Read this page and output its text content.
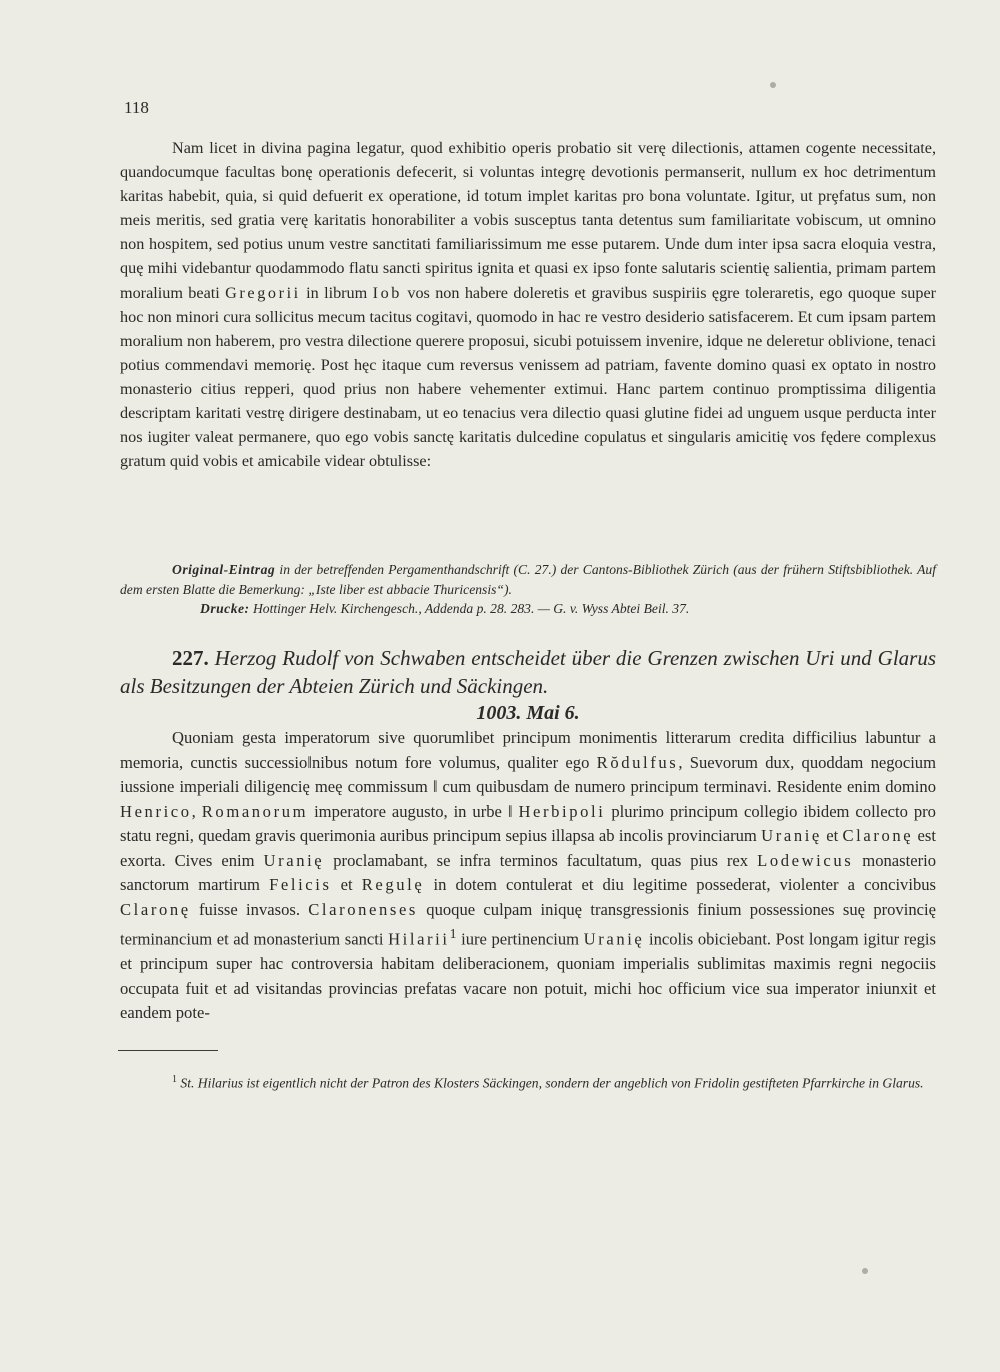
118
Nam licet in divina pagina legatur, quod exhibitio operis probatio sit verę dilectionis, attamen cogente necessitate, quandocumque facultas bonę operationis defecerit, si voluntas integrę devotionis permanserit, nullum ex hoc detrimentum karitas habebit, quia, si quid defuerit ex operatione, id totum implet karitas pro bona voluntate. Igitur, ut prȩfatus sum, non meis meritis, sed gratia verę karitatis honorabiliter a vobis susceptus tanta detentus sum familiaritate vobiscum, ut omnino non hospitem, sed potius unum vestre sanctitati familiarissimum me esse putarem. Unde dum inter ipsa sacra eloquia vestra, quę mihi videbantur quodammodo flatu sancti spiritus ignita et quasi ex ipso fonte salutaris scientię salientia, primam partem moralium beati Gregorii in librum Iob vos non habere doleretis et gravibus suspiriis ęgre toleraretis, ego quoque super hoc non minori cura sollicitus mecum tacitus cogitavi, quomodo in hac re vestro desiderio satisfacerem. Et cum ipsam partem moralium non haberem, pro vestra dilectione querere proposui, sicubi potuissem invenire, idque ne deleretur oblivione, tenaci potius commendavi memorię. Post hęc itaque cum reversus venissem ad patriam, favente domino quasi ex optato in nostro monasterio citius repperi, quod prius non habere vehementer extimui. Hanc partem continuo promptissima diligentia descriptam karitati vestrę dirigere destinabam, ut eo tenacius vera dilectio quasi glutine fidei ad unguem usque perducta inter nos iugiter valeat permanere, quo ego vobis sanctę karitatis dulcedine copulatus et singularis amicitię vos fędere complexus gratum quid vobis et amicabile videar obtulisse:

Original-Eintrag in der betreffenden Pergamenthandschrift (C. 27.) der Cantons-Bibliothek Zürich (aus der frühern Stiftsbibliothek. Auf dem ersten Blatte die Bemerkung: „Iste liber est abbacie Thuricensis“).

Drucke: Hottinger Helv. Kirchengesch., Addenda p. 28. 283. — G. v. Wyss Abtei Beil. 37.

227. Herzog Rudolf von Schwaben entscheidet über die Grenzen zwischen Uri und Glarus als Besitzungen der Abteien Zürich und Säckingen.
1003. Mai 6.
Quoniam gesta imperatorum sive quorumlibet principum monimentis litterarum credita difficilius labuntur a memoria, cunctis successio‖nibus notum fore volumus, qualiter ego Rŏdulfus, Suevorum dux, quoddam negocium iussione imperiali diligencię meę commissum ‖ cum quibusdam de numero principum terminavi. Residente enim domino Henrico, Romanorum imperatore augusto, in urbe ‖ Herbipoli plurimo principum collegio ibidem collecto pro statu regni, quedam gravis querimonia auribus principum sepius illapsa ab incolis provinciarum Uranię et Claronę est exorta. Cives enim Uranię proclamabant, se infra terminos facultatum, quas pius rex Lodewicus monasterio sanctorum martirum Felicis et Regulę in dotem contulerat et diu legitime possederat, violenter a concivibus Claronę fuisse invasos. Claronenses quoque culpam iniquę transgressionis finium possessiones suę provincię terminancium et ad monasterium sancti Hilarii$^1$ iure pertinencium Uranię incolis obiciebant. Post longam igitur regis et principum super hac controversia habitam deliberacionem, quoniam imperialis sublimitas maximis regni negociis occupata fuit et ad visitandas provincias prefatas vacare non potuit, michi hoc officium vice sua imperator iniunxit et eandem pote-
$^1$ St. Hilarius ist eigentlich nicht der Patron des Klosters Säckingen, sondern der angeblich von Fridolin gestifteten Pfarrkirche in Glarus.
